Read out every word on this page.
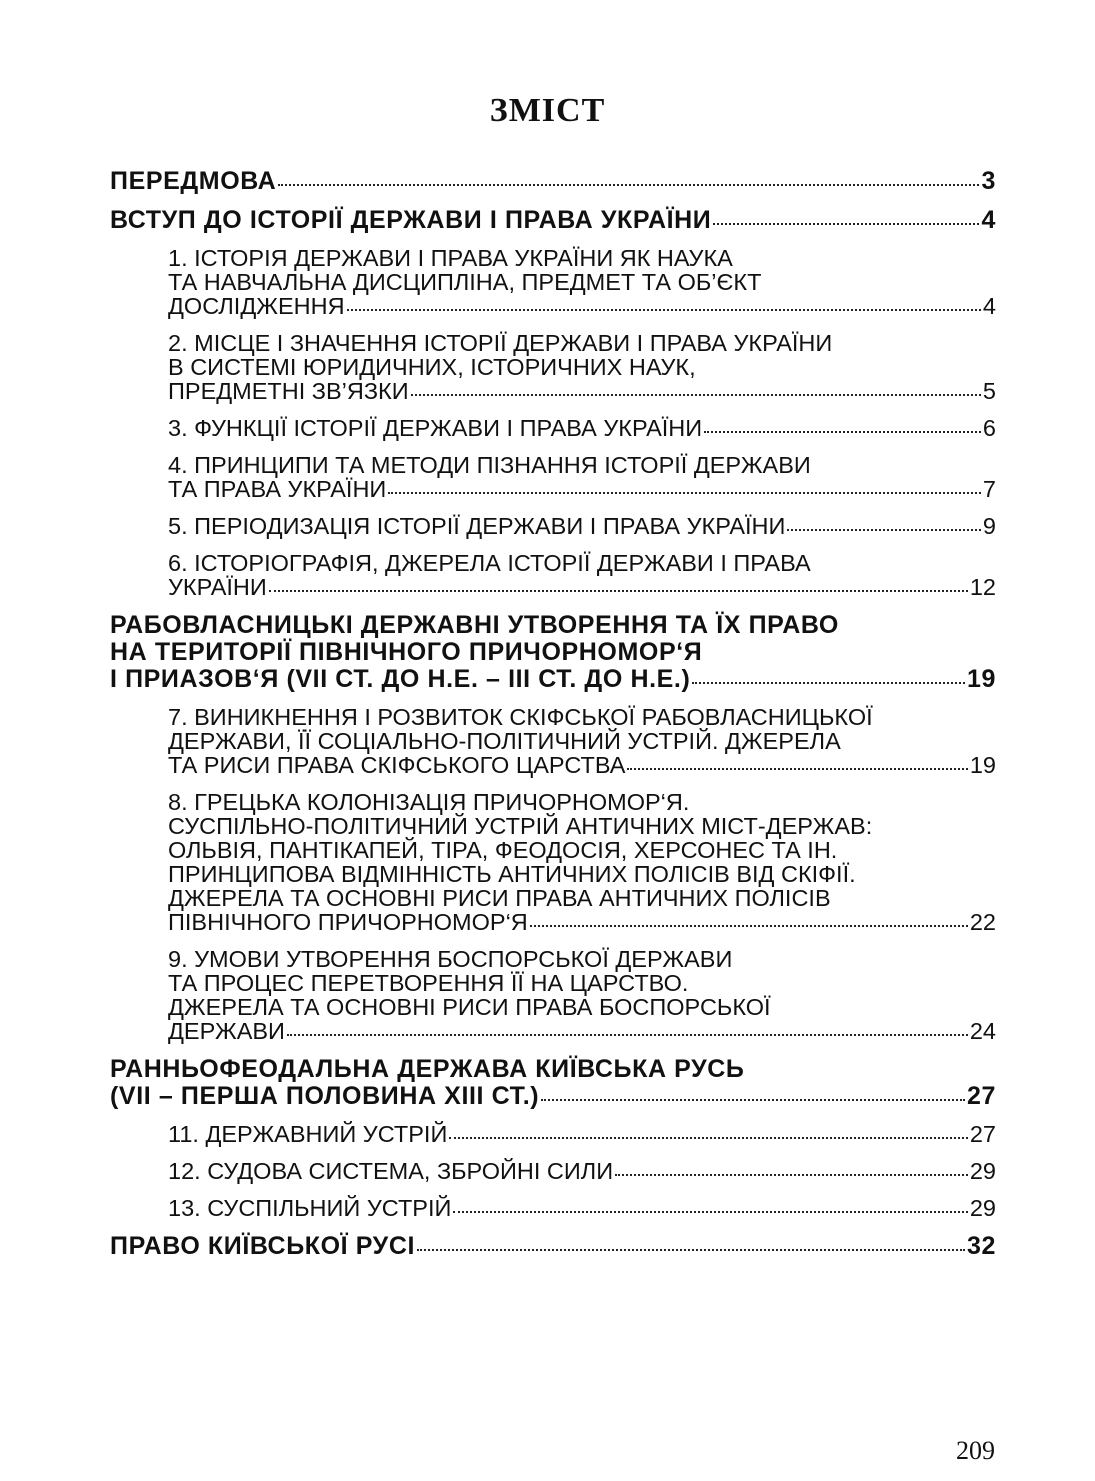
ЗМІСТ
ПЕРЕДМОВА	3
ВСТУП ДО ІСТОРІЇ ДЕРЖАВИ І ПРАВА УКРАЇНИ	4
1. ІСТОРІЯ ДЕРЖАВИ І ПРАВА УКРАЇНИ ЯК НАУКА
ТА НАВЧАЛЬНА ДИСЦИПЛІНА, ПРЕДМЕТ ТА ОБ’ЄКТ
ДОСЛІДЖЕННЯ	4
2. МІСЦЕ І ЗНАЧЕННЯ ІСТОРІЇ ДЕРЖАВИ І ПРАВА УКРАЇНИ
В СИСТЕМІ ЮРИДИЧНИХ, ІСТОРИЧНИХ НАУК,
ПРЕДМЕТНІ ЗВ’ЯЗКИ	5
3. ФУНКЦІЇ ІСТОРІЇ ДЕРЖАВИ І ПРАВА УКРАЇНИ	6
4. ПРИНЦИПИ ТА МЕТОДИ ПІЗНАННЯ ІСТОРІЇ ДЕРЖАВИ
ТА ПРАВА УКРАЇНИ	7
5. ПЕРІОДИЗАЦІЯ ІСТОРІЇ ДЕРЖАВИ І ПРАВА УКРАЇНИ	9
6. ІСТОРІОГРАФІЯ, ДЖЕРЕЛА ІСТОРІЇ ДЕРЖАВИ І ПРАВА
УКРАЇНИ	12
РАБОВЛАСНИЦЬКІ ДЕРЖАВНІ УТВОРЕННЯ ТА ЇХ ПРАВО
НА ТЕРИТОРІЇ ПІВНІЧНОГО ПРИЧОРНОМОР‘Я
І ПРИАЗОВ‘Я (VII СТ. ДО Н.Е. – III СТ. ДО Н.Е.)	19
7. ВИНИКНЕННЯ І РОЗВИТОК СКІФСЬКОЇ РАБОВЛАСНИЦЬКОЇ
ДЕРЖАВИ, ЇЇ СОЦІАЛЬНО-ПОЛІТИЧНИЙ УСТРІЙ. ДЖЕРЕЛА
ТА РИСИ ПРАВА СКІФСЬКОГО ЦАРСТВА	19
8. ГРЕЦЬКА КОЛОНІЗАЦІЯ ПРИЧОРНОМОР‘Я.
СУСПІЛЬНО-ПОЛІТИЧНИЙ УСТРІЙ АНТИЧНИХ МІСТ-ДЕРЖАВ:
ОЛЬВІЯ, ПАНТІКАПЕЙ, ТІРА, ФЕОДОСІЯ, ХЕРСОНЕС ТА ІН.
ПРИНЦИПОВА ВІДМІННІСТЬ АНТИЧНИХ ПОЛІСІВ ВІД СКІФІЇ.
ДЖЕРЕЛА ТА ОСНОВНІ РИСИ ПРАВА АНТИЧНИХ ПОЛІСІВ
ПІВНІЧНОГО ПРИЧОРНОМОР‘Я	22
9. УМОВИ УТВОРЕННЯ БОСПОРСЬКОЇ ДЕРЖАВИ
ТА ПРОЦЕС ПЕРЕТВОРЕННЯ ЇЇ НА ЦАРСТВО.
ДЖЕРЕЛА ТА ОСНОВНІ РИСИ ПРАВА БОСПОРСЬКОЇ
ДЕРЖАВИ	24
РАННЬОФЕОДАЛЬНА ДЕРЖАВА КИЇВСЬКА РУСЬ
(VII – ПЕРША ПОЛОВИНА XIII СТ.)	27
11. ДЕРЖАВНИЙ УСТРІЙ	27
12. СУДОВА СИСТЕМА, ЗБРОЙНІ СИЛИ	29
13. СУСПІЛЬНИЙ УСТРІЙ	29
ПРАВО КИЇВСЬКОЇ РУСІ	32
209
